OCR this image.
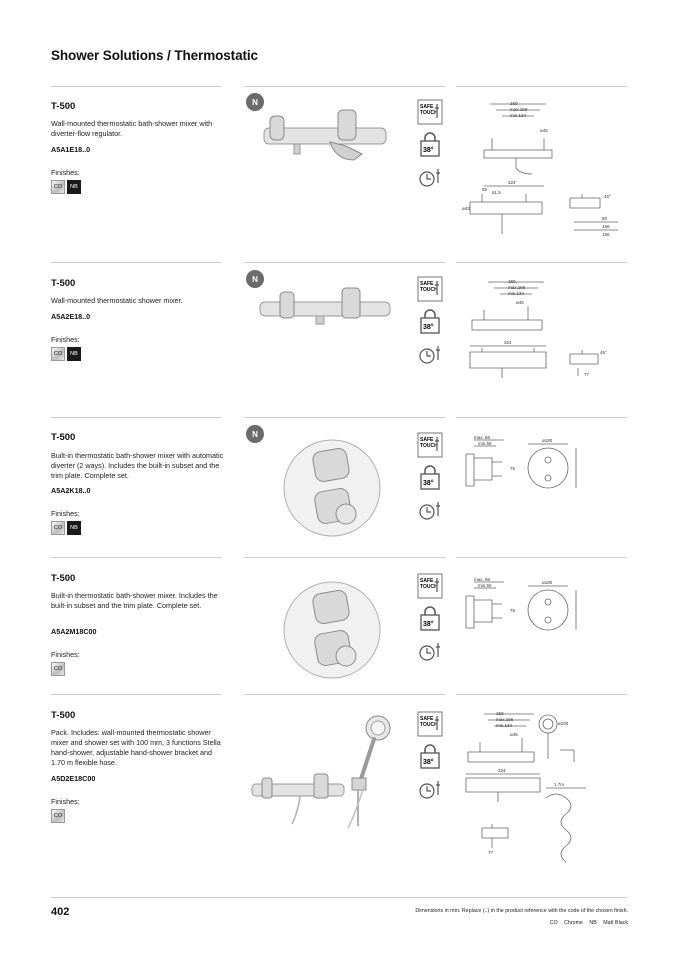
Shower Solutions / Thermostatic
T-500
Wall-mounted thermostatic bath-shower mixer with diverter-flow regulator.
A5A1E18..0
Finishes:
CO	NB
N
SAFE
TOUCH
38°
150
max.166
min.134
ø45
324
ø43
61,5
55
80
166
186
45°
T-500
Wall-mounted thermostatic shower mixer.
A5A2E18..0
Finishes:
CO	NB
N
SAFE
TOUCH
38°
150
max.166
min.134
ø45
324
77
45°
T-500
Built-in thermostatic bath-shower mixer with automatic diverter (2 ways). Includes the built-in subset and the trim plate. Complete set.
A5A2K18..0
Finishes:
CO	NB
N
SAFE
TOUCH
38°
max. 86
min.55
ø180
75
T-500
Built-in thermostatic bath-shower mixer. Includes the built-in subset and the trim plate. Complete set.
A5A2M18C00
Finishes:
CO
SAFE
TOUCH
38°
max. 86
min.55
ø180
75
T-500
Pack. Includes: wall-mounted thermostatic shower mixer and shower set with 100 mm, 3 functions Stella hand-shower, adjustable hand-shower bracket and 1.70 m flexible hose.
A5D2E18C00
Finishes:
CO
SAFE
TOUCH
38°
150
max.166
min.134
ø45
324
ø100
1.7m
77
402	Dimensions in mm. Replace (..) in the product reference with the code of the chosen finish.
CO Chrome NB Matt Black
